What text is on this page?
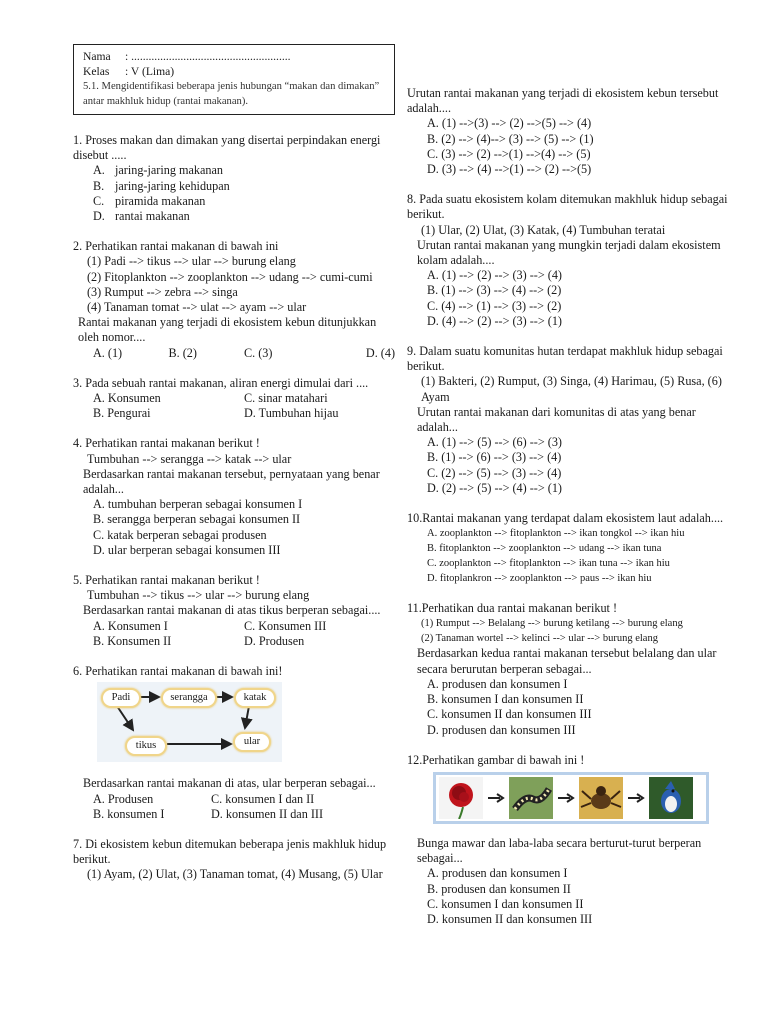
Nama : .......................................................
Kelas : V (Lima)
5.1. Mengidentifikasi beberapa jenis hubungan “makan dan dimakan” antar makhluk hidup (rantai makanan).
1. Proses makan dan dimakan yang disertai perpindakan energi disebut .....
A. jaring-jaring makanan
B. jaring-jaring kehidupan
C. piramida makanan
D. rantai makanan
2. Perhatikan rantai makanan di bawah ini
(1) Padi --> tikus --> ular --> burung elang
(2) Fitoplankton --> zooplankton --> udang --> cumi-cumi
(3) Rumput --> zebra --> singa
(4) Tanaman tomat --> ulat --> ayam --> ular
Rantai makanan yang terjadi di ekosistem kebun ditunjukkan oleh nomor....
A. (1)	B. (2)	C. (3)	D. (4)
3. Pada sebuah rantai makanan, aliran energi dimulai dari ....
A. Konsumen	C. sinar matahari
B. Pengurai	D. Tumbuhan hijau
4. Perhatikan rantai makanan berikut !
Tumbuhan --> serangga --> katak --> ular
Berdasarkan rantai makanan tersebut, pernyataan yang benar adalah...
A. tumbuhan berperan sebagai konsumen I
B. serangga berperan sebagai konsumen II
C. katak berperan sebagai produsen
D. ular berperan sebagai konsumen III
5. Perhatikan rantai makanan berikut !
Tumbuhan --> tikus --> ular --> burung elang
Berdasarkan rantai makanan di atas tikus berperan sebagai....
A. Konsumen I	C. Konsumen III
B. Konsumen II	D. Produsen
6. Perhatikan rantai makanan di bawah ini!
Padi	serangga	katak
tikus	ular
Berdasarkan rantai makanan di atas, ular berperan sebagai...
A. Produsen	C. konsumen I dan II
B. konsumen I	D. konsumen II dan III
7. Di ekosistem kebun ditemukan beberapa jenis makhluk hidup berikut.
(1) Ayam, (2) Ulat, (3) Tanaman tomat, (4) Musang, (5) Ular
Urutan rantai makanan yang terjadi di ekosistem kebun tersebut adalah....
A. (1) -->(3) --> (2) -->(5) --> (4)
B. (2) --> (4)--> (3) --> (5) --> (1)
C. (3) --> (2) -->(1) -->(4) --> (5)
D. (3) --> (4) -->(1) --> (2) -->(5)
8. Pada suatu ekosistem kolam ditemukan makhluk hidup sebagai berikut.
(1) Ular, (2) Ulat, (3) Katak, (4) Tumbuhan teratai
Urutan rantai makanan yang mungkin terjadi dalam ekosistem kolam adalah....
A. (1) --> (2) --> (3) --> (4)
B. (1) --> (3) --> (4) --> (2)
C. (4) --> (1) --> (3) --> (2)
D. (4) --> (2) --> (3) --> (1)
9. Dalam suatu komunitas hutan terdapat makhluk hidup sebagai berikut.
(1) Bakteri, (2) Rumput, (3) Singa, (4) Harimau, (5) Rusa, (6) Ayam
Urutan rantai makanan dari komunitas di atas yang benar adalah...
A. (1) --> (5) --> (6) --> (3)
B. (1) --> (6) --> (3) --> (4)
C. (2) --> (5) --> (3) --> (4)
D. (2) --> (5) --> (4) --> (1)
10.Rantai makanan yang terdapat dalam ekosistem laut adalah....
A. zooplankton --> fitoplankton --> ikan tongkol --> ikan hiu
B. fitoplankton --> zooplankton --> udang --> ikan tuna
C. zooplankton --> fitoplankton --> ikan tuna --> ikan hiu
D. fitoplankron --> zooplankton --> paus --> ikan hiu
11.Perhatikan dua rantai makanan berikut !
(1) Rumput --> Belalang --> burung ketilang --> burung elang
(2) Tanaman wortel --> kelinci --> ular --> burung elang
Berdasarkan kedua rantai makanan tersebut belalang dan ular secara berurutan berperan sebagai...
A. produsen dan konsumen I
B. konsumen I dan konsumen II
C. konsumen II dan konsumen III
D. produsen dan konsumen III
12.Perhatikan gambar di bawah ini !
Bunga mawar dan laba-laba secara berturut-turut berperan sebagai...
A. produsen dan konsumen I
B. produsen dan konsumen II
C. konsumen I dan konsumen II
D. konsumen II dan konsumen III
